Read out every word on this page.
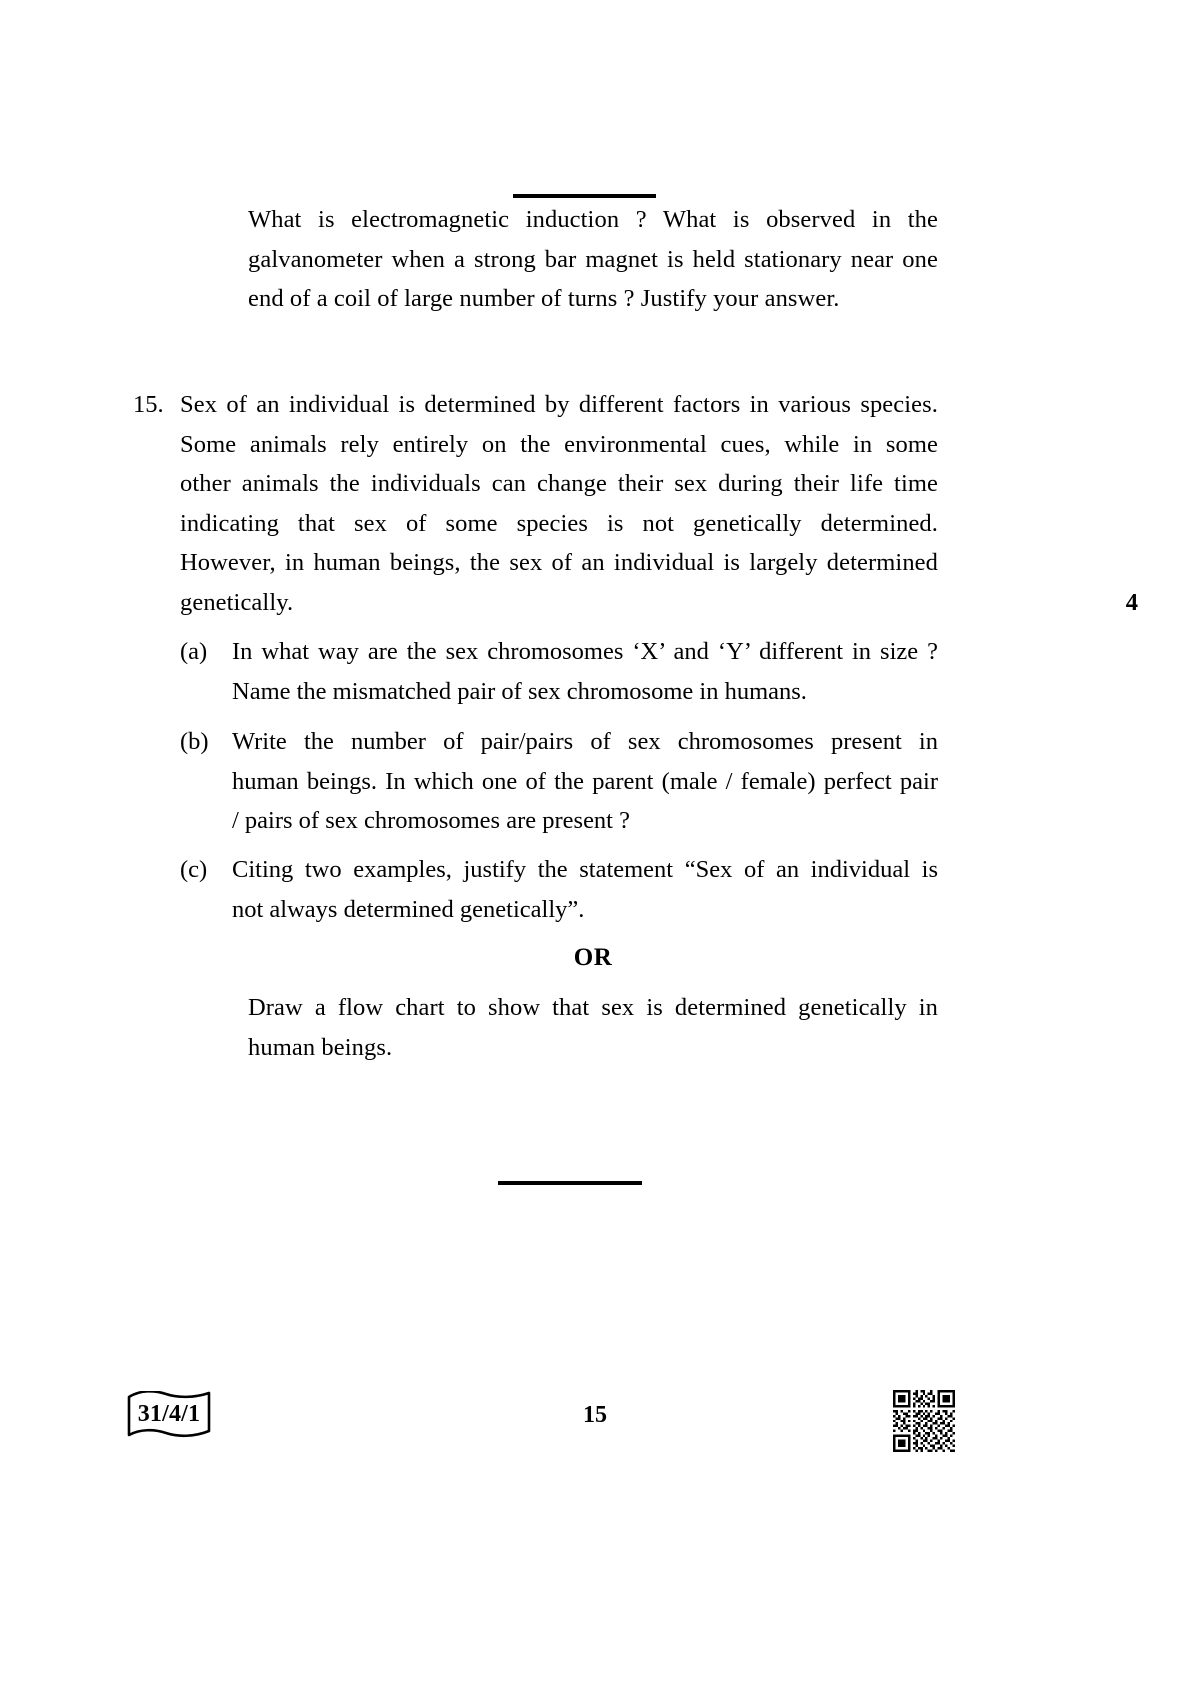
What is electromagnetic induction ? What is observed in the
galvanometer when a strong bar magnet is held stationary near one
end of a coil of large number of turns ? Justify your answer.
15. Sex of an individual is determined by different factors in various species.
Some animals rely entirely on the environmental cues, while in some
other animals the individuals can change their sex during their life time
indicating that sex of some species is not genetically determined.
However, in human beings, the sex of an individual is largely determined
genetically.	4
(a)	In what way are the sex chromosomes ‘X’ and ‘Y’ different in size ?
Name the mismatched pair of sex chromosome in humans.
(b) Write the number of pair/pairs of sex chromosomes present in
human beings. In which one of the parent (male / female) perfect pair
/ pairs of sex chromosomes are present ?
(c)	Citing two examples, justify the statement “Sex of an individual is
not always determined genetically”.
OR
Draw a flow chart to show that sex is determined genetically in
human beings.
31/4/1	15
